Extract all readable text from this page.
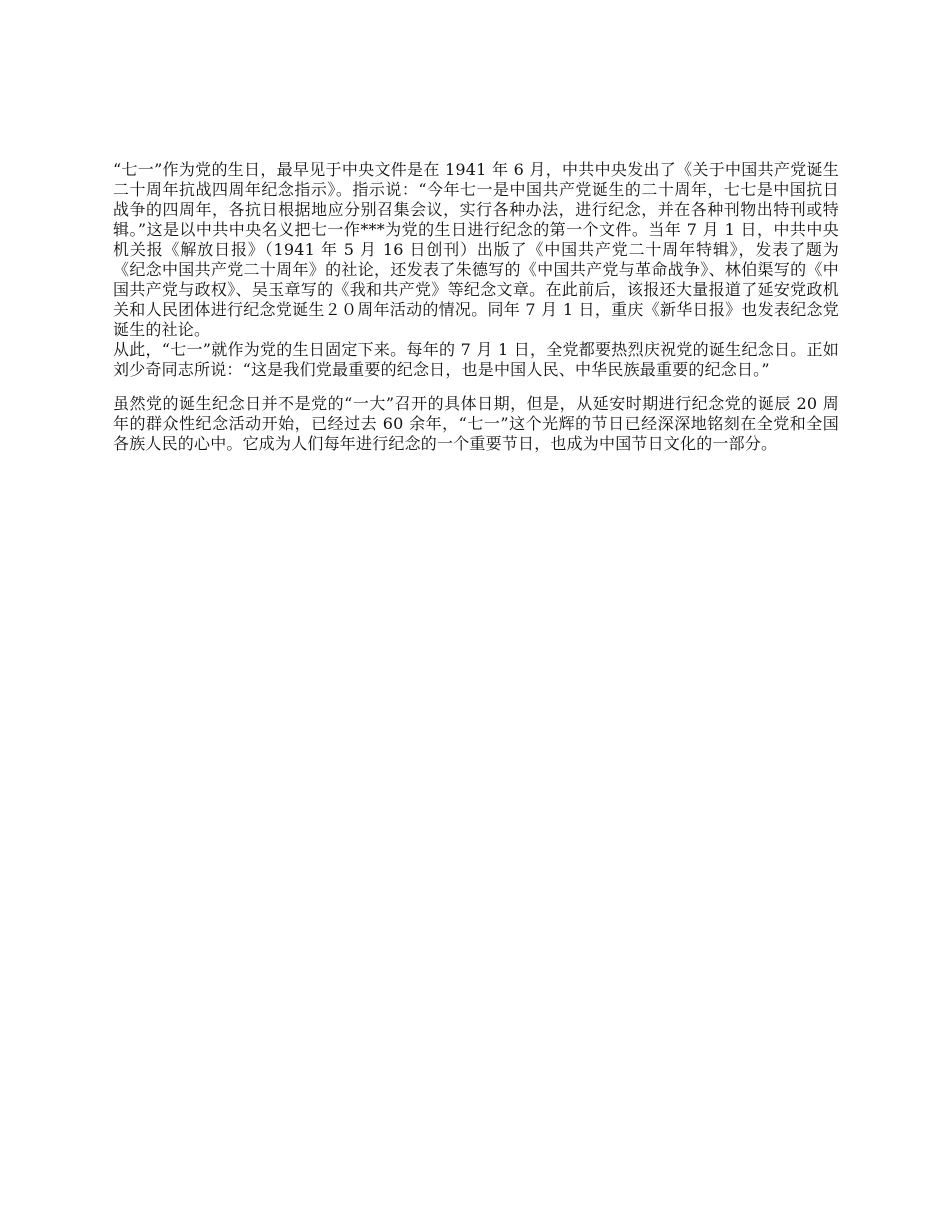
“七一”作为党的生日，最早见于中央文件是在 1941 年 6 月，中共中央发出了《关于中国共产党诞生二十周年抗战四周年纪念指示》。指示说：“今年七一是中国共产党诞生的二十周年，七七是中国抗日战争的四周年，各抗日根据地应分别召集会议，实行各种办法，进行纪念，并在各种刊物出特刊或特辑。”这是以中共中央名义把七一作***为党的生日进行纪念的第一个文件。当年 7 月 1 日，中共中央机关报《解放日报》（1941 年 5 月 16 日创刊）出版了《中国共产党二十周年特辑》，发表了题为《纪念中国共产党二十周年》的社论，还发表了朱德写的《中国共产党与革命战争》、林伯渠写的《中国共产党与政权》、吴玉章写的《我和共产党》等纪念文章。在此前后，该报还大量报道了延安党政机关和人民团体进行纪念党诞生２０周年活动的情况。同年 7 月 1 日，重庆《新华日报》也发表纪念党诞生的社论。

从此，“七一”就作为党的生日固定下来。每年的 7 月 1 日，全党都要热烈庆祝党的诞生纪念日。正如刘少奇同志所说：“这是我们党最重要的纪念日，也是中国人民、中华民族最重要的纪念日。”

虽然党的诞生纪念日并不是党的“一大”召开的具体日期，但是，从延安时期进行纪念党的诞辰 20 周年的群众性纪念活动开始，已经过去 60 余年，“七一”这个光辉的节日已经深深地铭刻在全党和全国各族人民的心中。它成为人们每年进行纪念的一个重要节日，也成为中国节日文化的一部分。
